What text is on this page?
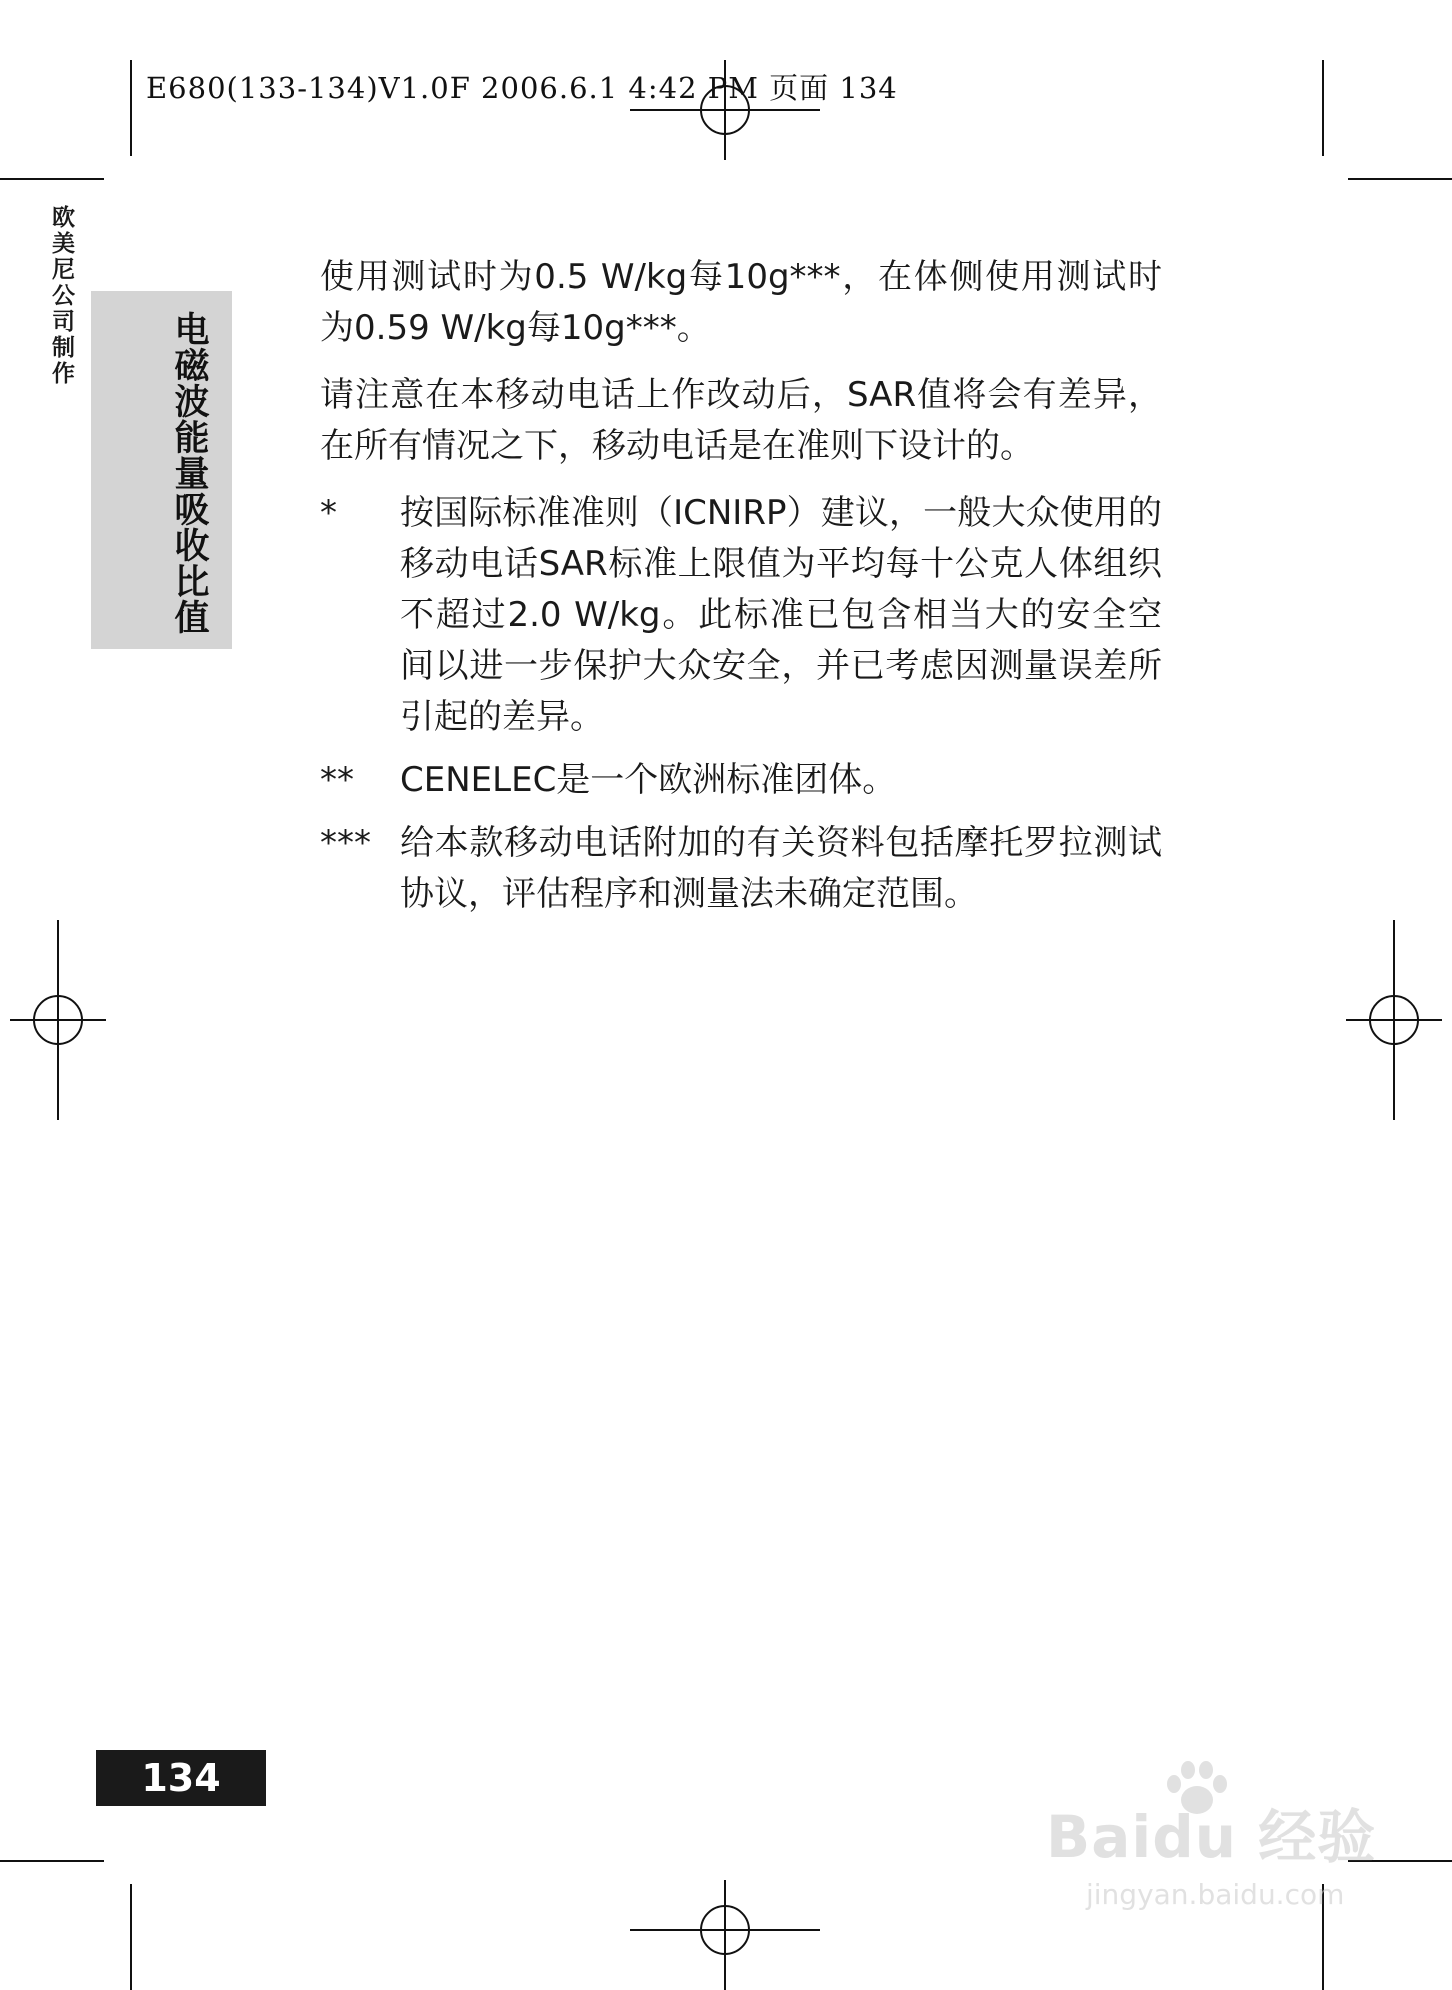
E680(133-134)V1.0F 2006.6.1 4:42 PM 页面 134
欧美尼公司制作
电磁波能量吸收比值

使用测试时为0.5 W/kg每10g***，在体侧使用测试时为0.59 W/kg每10g***。

请注意在本移动电话上作改动后，SAR值将会有差异，在所有情况之下，移动电话是在准则下设计的。

*	按国际标准准则（ICNIRP）建议，一般大众使用的移动电话SAR标准上限值为平均每十公克人体组织不超过2.0 W/kg。此标准已包含相当大的安全空间以进一步保护大众安全，并已考虑因测量误差所引起的差异。
**	CENELEC是一个欧洲标准团体。
*** 给本款移动电话附加的有关资料包括摩托罗拉测试协议，评估程序和测量法未确定范围。
134
Baidu 经验
jingyan.baidu.com
